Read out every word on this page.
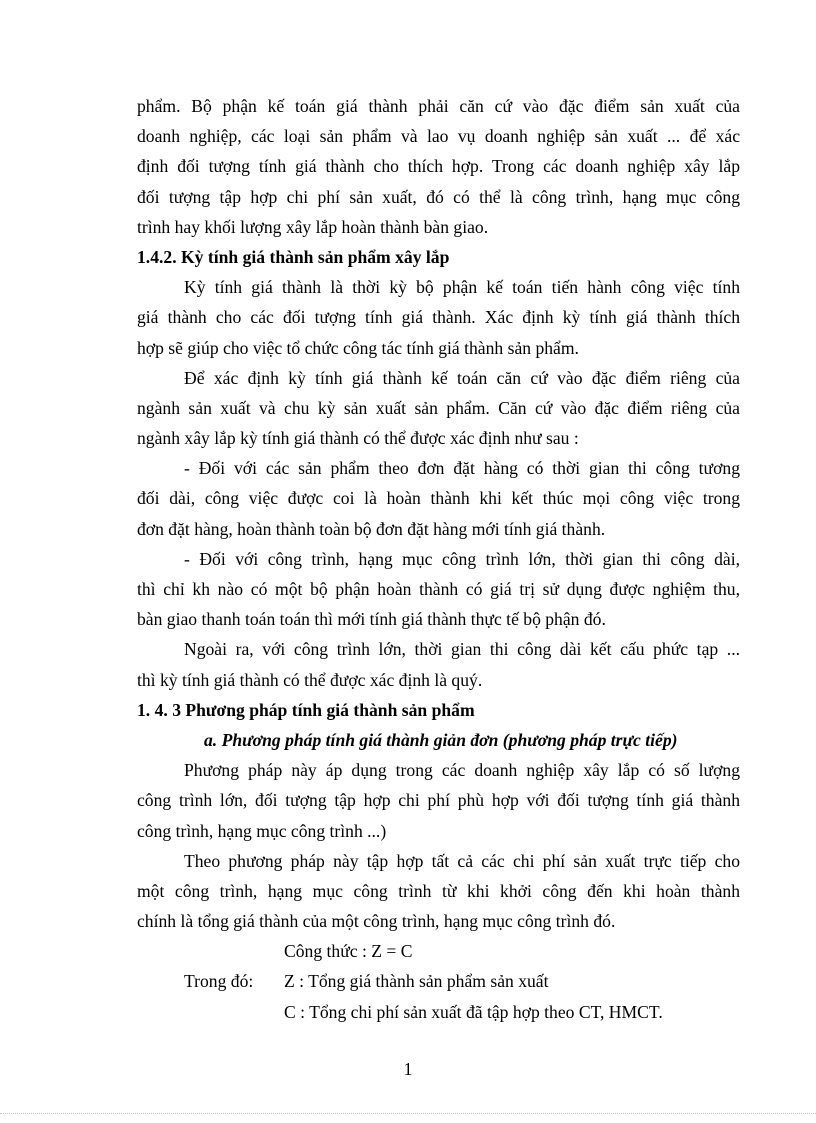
phẩm. Bộ phận kế toán giá thành phải căn cứ vào đặc điểm sản xuất của
doanh nghiệp, các loại sản phẩm và lao vụ doanh nghiệp sản xuất ... để xác
định đối tượng tính giá thành cho thích hợp. Trong các doanh nghiệp xây lắp
đối tượng tập hợp chi phí sản xuất, đó có thể là công trình, hạng mục công
trình hay khối lượng xây lắp hoàn thành bàn giao.
1.4.2. Kỳ tính giá thành sản phẩm xây lắp
Kỳ tính giá thành là thời kỳ bộ phận kế toán tiến hành công việc tính
giá thành cho các đối tượng tính giá thành. Xác định kỳ tính giá thành thích
hợp sẽ giúp cho việc tổ chức công tác tính giá thành sản phẩm.
Để xác định kỳ tính giá thành kế toán căn cứ vào đặc điểm riêng của
ngành sản xuất và chu kỳ sản xuất sản phẩm. Căn cứ vào đặc điểm riêng của
ngành xây lắp kỳ tính giá thành có thể được xác định như sau :
- Đối với các sản phẩm theo đơn đặt hàng có thời gian thi công tương
đối dài, công việc được coi là hoàn thành khi kết thúc mọi công việc trong
đơn đặt hàng, hoàn thành toàn bộ đơn đặt hàng mới tính giá thành.
- Đối với công trình, hạng mục công trình lớn, thời gian thi công dài,
thì chỉ kh nào có một bộ phận hoàn thành có giá trị sử dụng được nghiệm thu,
bàn giao thanh toán toán thì mới tính giá thành thực tế bộ phận đó.
Ngoài ra, với công trình lớn, thời gian thi công dài kết cấu phức tạp ...
thì kỳ tính giá thành có thể được xác định là quý.
1. 4. 3 Phương pháp tính giá thành sản phẩm
a. Phương pháp tính giá thành giản đơn (phương pháp trực tiếp)
Phương pháp này áp dụng trong các doanh nghiệp xây lắp có số lượng
công trình lớn, đối tượng tập hợp chi phí phù hợp với đối tượng tính giá thành
công trình, hạng mục công trình ...)
Theo phương pháp này tập hợp tất cả các chi phí sản xuất trực tiếp cho
một công trình, hạng mục công trình từ khi khởi công đến khi hoàn thành
chính là tổng giá thành của một công trình, hạng mục công trình đó.
Công thức : Z = C
Trong đó:	Z : Tổng giá thành sản phẩm sản xuất
C : Tổng chi phí sản xuất đã tập hợp theo CT, HMCT.
1
